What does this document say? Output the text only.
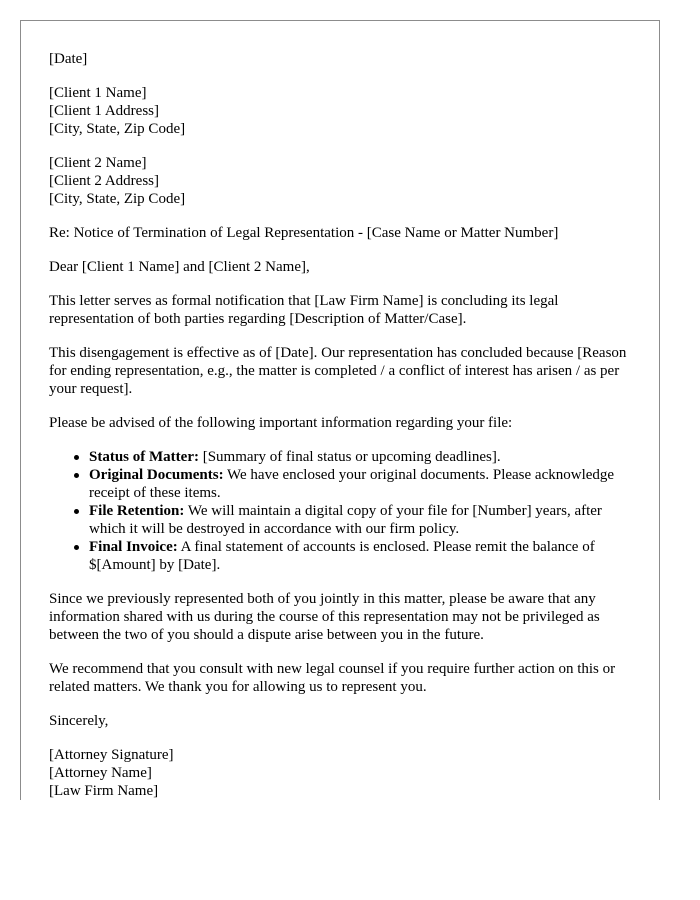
[Date]
[Client 1 Name]
[Client 1 Address]
[City, State, Zip Code]
[Client 2 Name]
[Client 2 Address]
[City, State, Zip Code]
Re: Notice of Termination of Legal Representation - [Case Name or Matter Number]
Dear [Client 1 Name] and [Client 2 Name],
This letter serves as formal notification that [Law Firm Name] is concluding its legal representation of both parties regarding [Description of Matter/Case].
This disengagement is effective as of [Date]. Our representation has concluded because [Reason for ending representation, e.g., the matter is completed / a conflict of interest has arisen / as per your request].
Please be advised of the following important information regarding your file:
Status of Matter: [Summary of final status or upcoming deadlines].
Original Documents: We have enclosed your original documents. Please acknowledge receipt of these items.
File Retention: We will maintain a digital copy of your file for [Number] years, after which it will be destroyed in accordance with our firm policy.
Final Invoice: A final statement of accounts is enclosed. Please remit the balance of $[Amount] by [Date].
Since we previously represented both of you jointly in this matter, please be aware that any information shared with us during the course of this representation may not be privileged as between the two of you should a dispute arise between you in the future.
We recommend that you consult with new legal counsel if you require further action on this or related matters. We thank you for allowing us to represent you.
Sincerely,
[Attorney Signature]
[Attorney Name]
[Law Firm Name]
